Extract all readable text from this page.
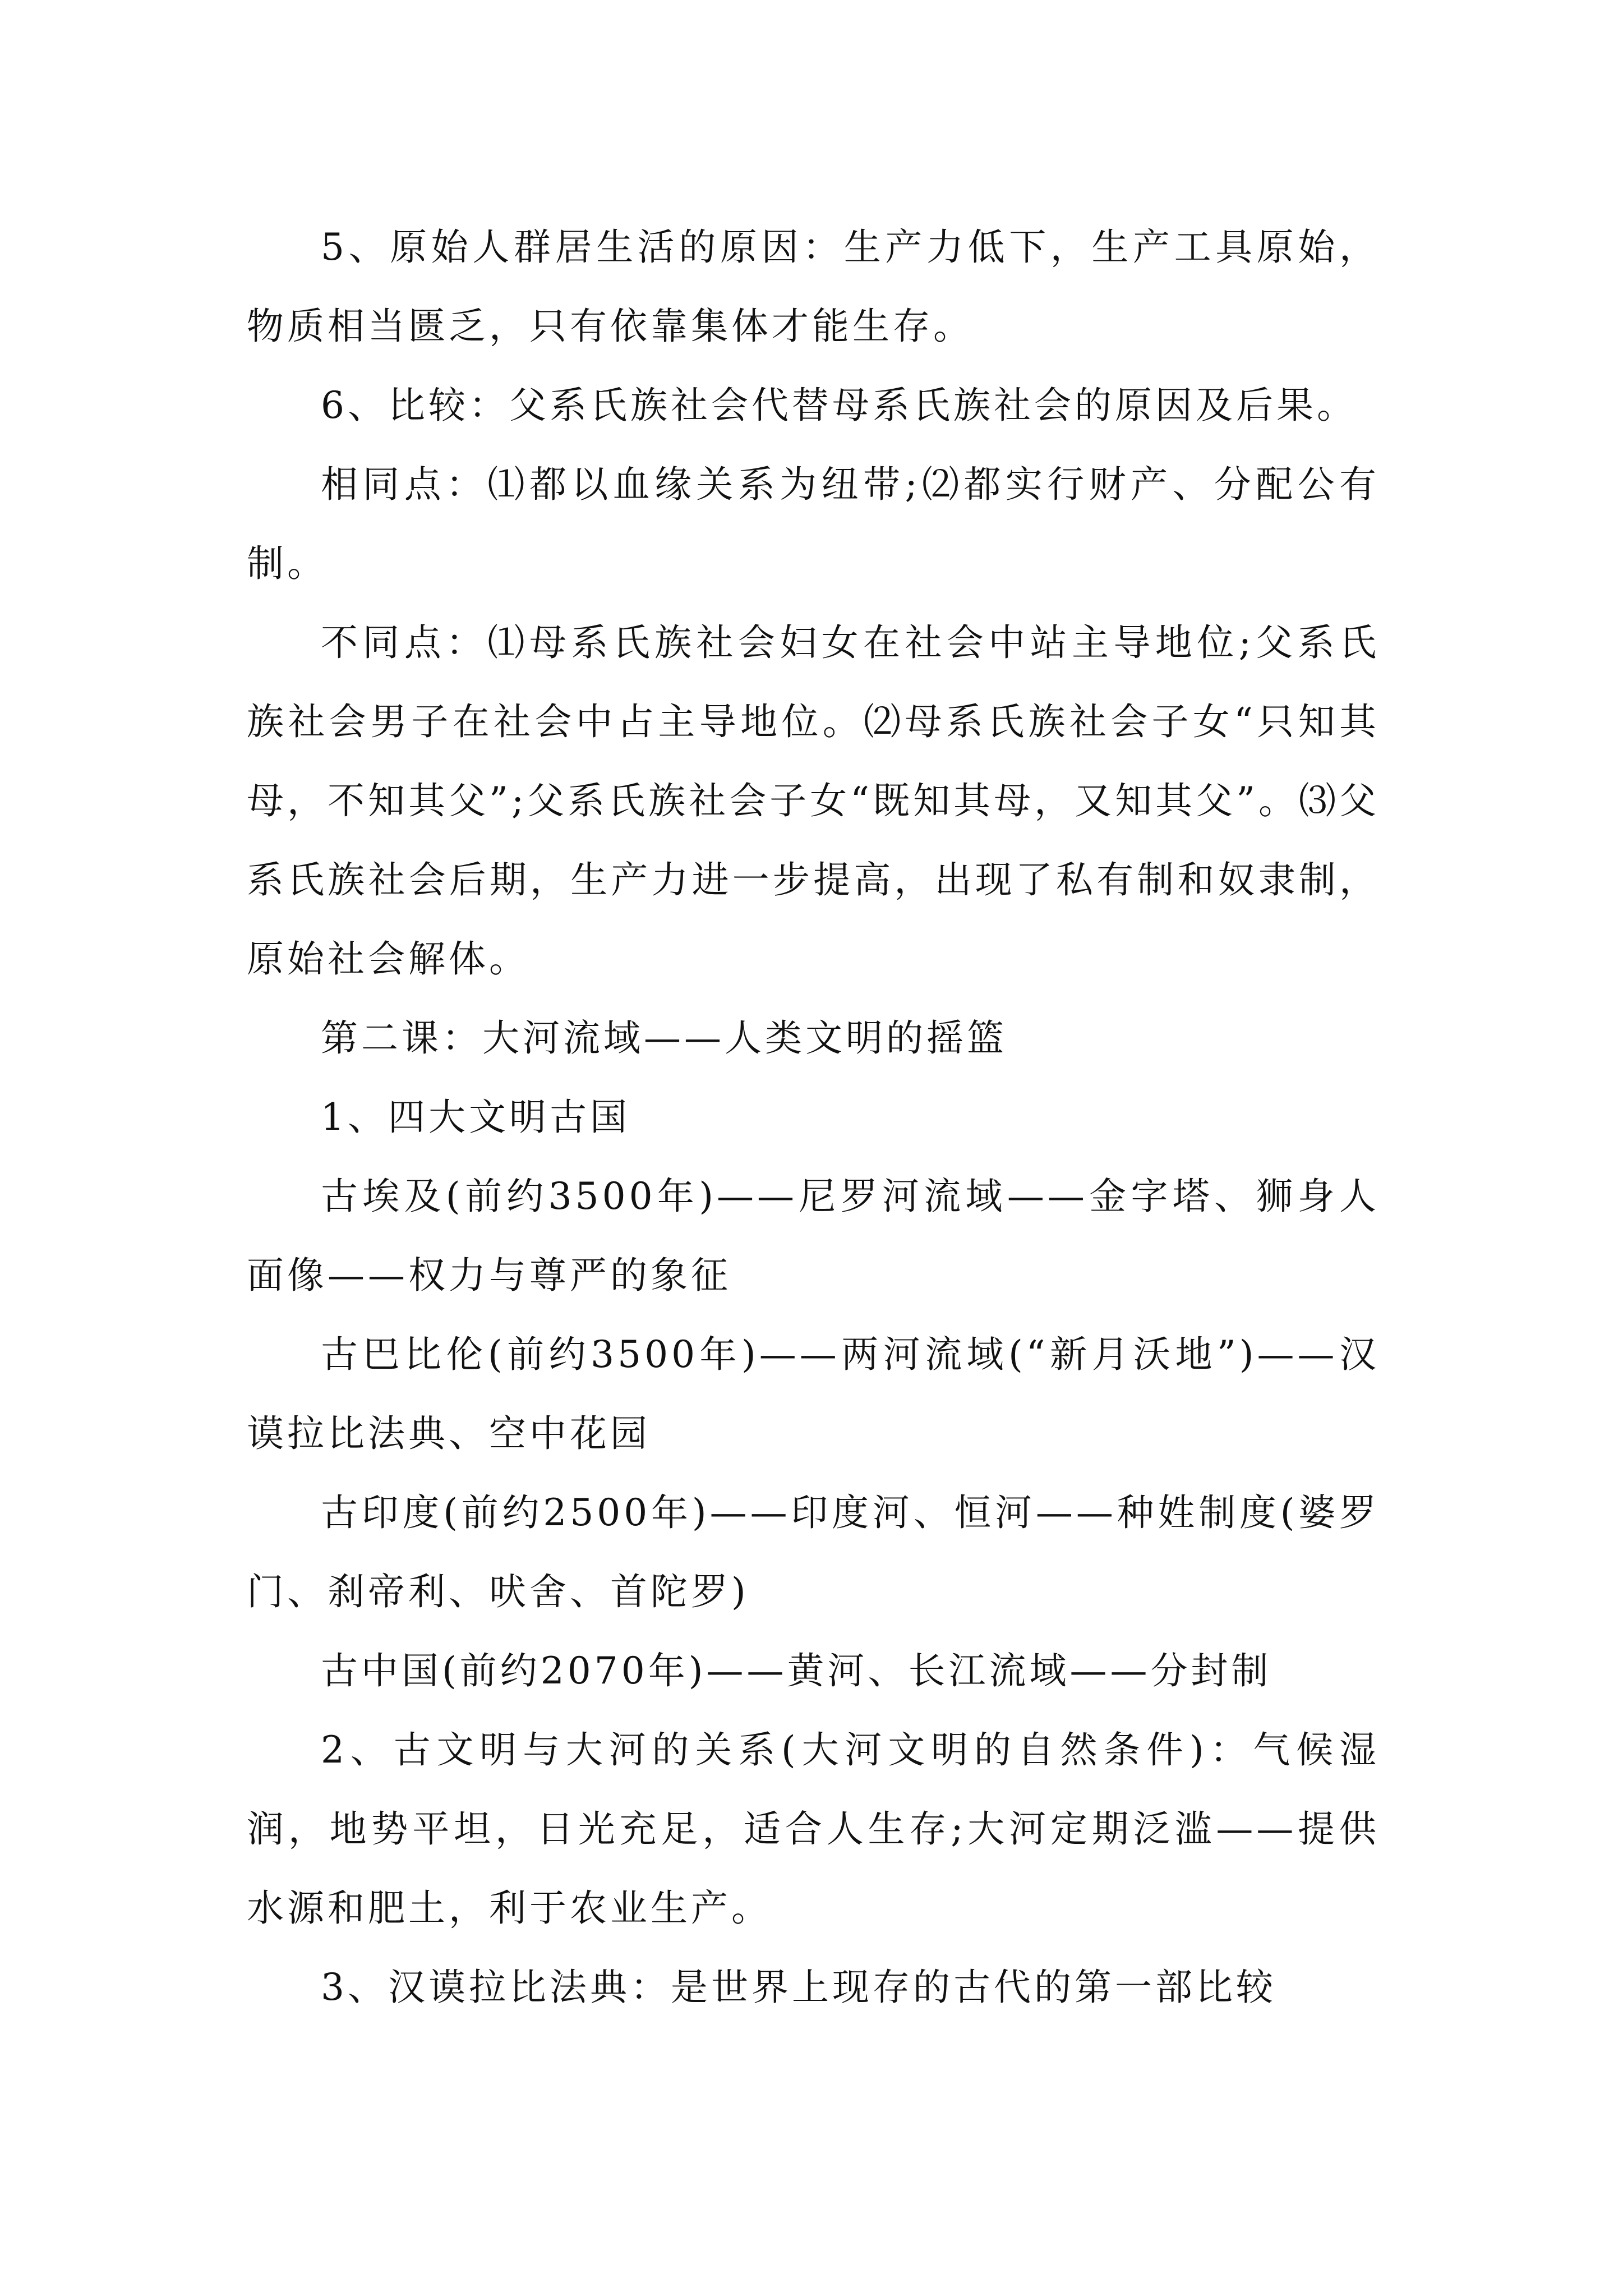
5、原始人群居生活的原因：生产力低下，生产工具原始，物质相当匮乏，只有依靠集体才能生存。

6、比较：父系氏族社会代替母系氏族社会的原因及后果。

相同点：⑴都以血缘关系为纽带;⑵都实行财产、分配公有制。

不同点：⑴母系氏族社会妇女在社会中站主导地位;父系氏族社会男子在社会中占主导地位。⑵母系氏族社会子女“只知其母，不知其父”;父系氏族社会子女“既知其母，又知其父”。⑶父系氏族社会后期，生产力进一步提高，出现了私有制和奴隶制，原始社会解体。

第二课：大河流域——人类文明的摇篮

1、四大文明古国

古埃及(前约3500年)——尼罗河流域——金字塔、狮身人面像——权力与尊严的象征

古巴比伦(前约3500年)——两河流域(“新月沃地”)——汉谟拉比法典、空中花园

古印度(前约2500年)——印度河、恒河——种姓制度(婆罗门、刹帝利、吠舍、首陀罗)

古中国(前约2070年)——黄河、长江流域——分封制

2、古文明与大河的关系(大河文明的自然条件)：气候湿润，地势平坦，日光充足，适合人生存;大河定期泛滥——提供水源和肥土，利于农业生产。

3、汉谟拉比法典：是世界上现存的古代的第一部比较
